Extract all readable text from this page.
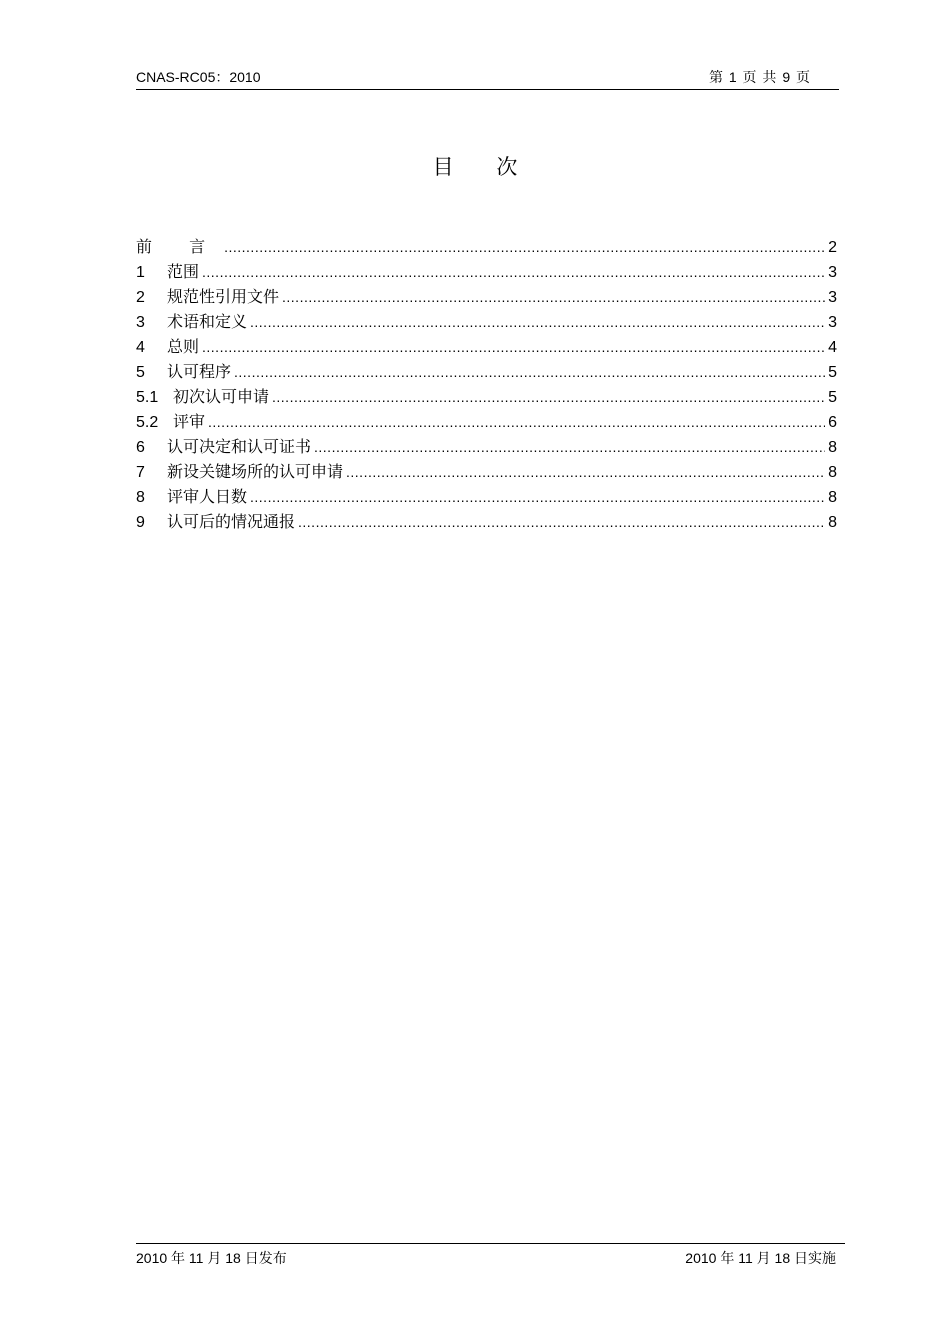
CNAS-RC05：2010	第 1 页 共 9 页
目 次
前 言 .....	2
1	范围 .....	3
2	规范性引用文件 .....	3
3	术语和定义 .....	3
4	总则 .....	4
5	认可程序 .....	5
5.1 初次认可申请 .....	5
5.2 评审 .....	6
6	认可决定和认可证书 .....	8
7	新设关键场所的认可申请 .....	8
8	评审人日数 .....	8
9	认可后的情况通报 .....	8
2010 年 11 月 18 日发布	2010 年 11 月 18 日实施
